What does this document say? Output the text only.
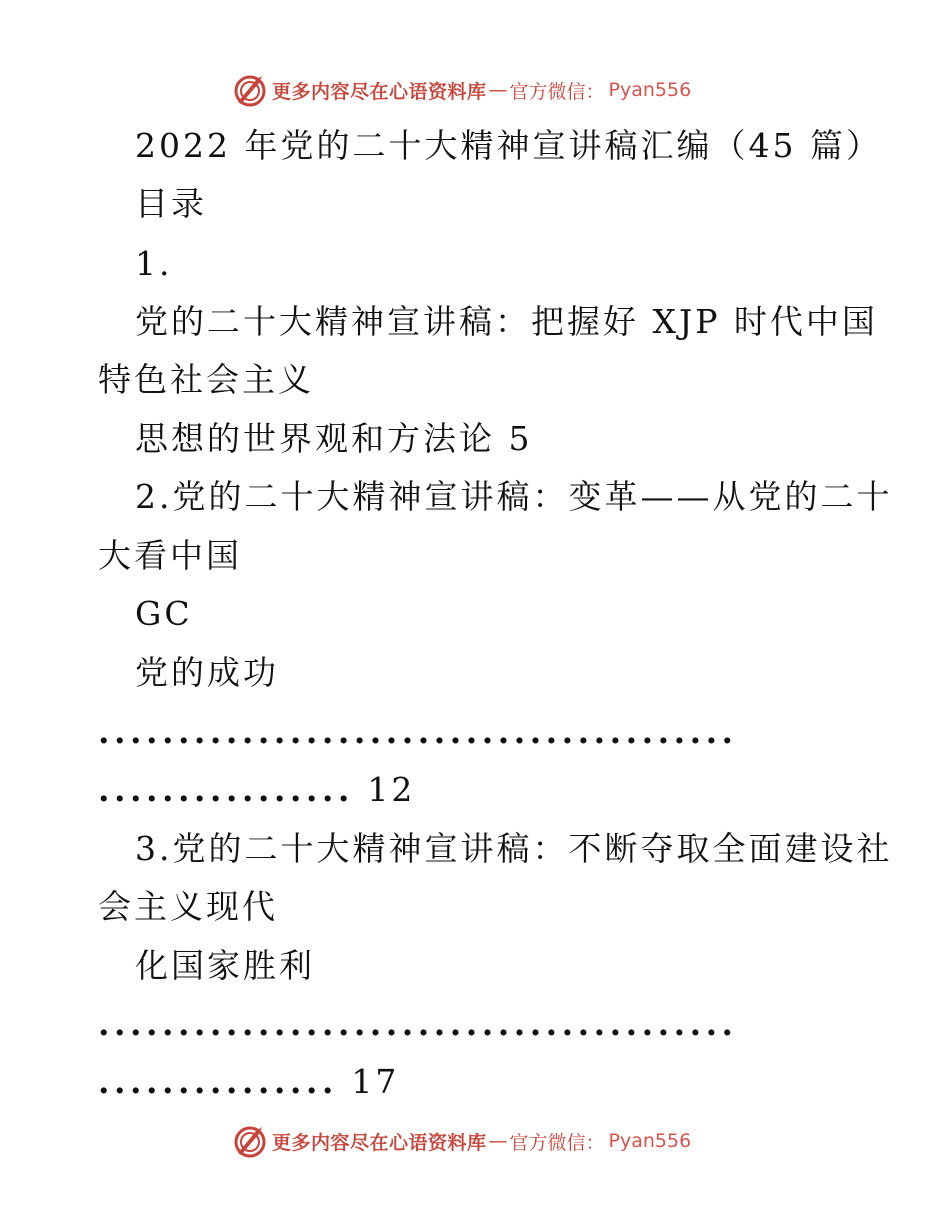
更多内容尽在心语资料库 — 官方微信： Pyan556

2022 年党的二十大精神宣讲稿汇编（45 篇）

目录

1.

党的二十大精神宣讲稿：把握好 XJP 时代中国

特色社会主义

思想的世界观和方法论 5

2.党的二十大精神宣讲稿：变革——从党的二十

大看中国

GC

党的成功

........................................

................ 12

3.党的二十大精神宣讲稿：不断夺取全面建设社

会主义现代

化国家胜利

........................................

............... 17

更多内容尽在心语资料库 — 官方微信： Pyan556
